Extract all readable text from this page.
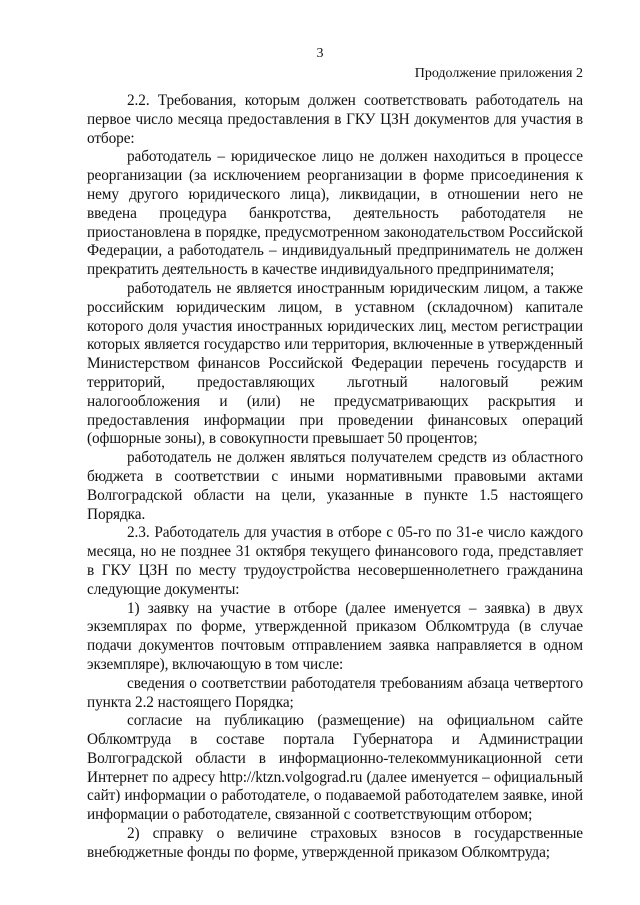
3
Продолжение приложения 2

2.2. Требования, которым должен соответствовать работодатель на первое число месяца предоставления в ГКУ ЦЗН документов для участия в отборе:

работодатель – юридическое лицо не должен находиться в процессе реорганизации (за исключением реорганизации в форме присоединения к нему другого юридического лица), ликвидации, в отношении него не введена процедура банкротства, деятельность работодателя не приостановлена в порядке, предусмотренном законодательством Российской Федерации, а работодатель – индивидуальный предприниматель не должен прекратить деятельность в качестве индивидуального предпринимателя;

работодатель не является иностранным юридическим лицом, а также российским юридическим лицом, в уставном (складочном) капитале которого доля участия иностранных юридических лиц, местом регистрации которых является государство или территория, включенные в утвержденный Министерством финансов Российской Федерации перечень государств и территорий, предоставляющих льготный налоговый режим налогообложения и (или) не предусматривающих раскрытия и предоставления информации при проведении финансовых операций (офшорные зоны), в совокупности превышает 50 процентов;

работодатель не должен являться получателем средств из областного бюджета в соответствии с иными нормативными правовыми актами Волгоградской области на цели, указанные в пункте 1.5 настоящего Порядка.

2.3. Работодатель для участия в отборе с 05-го по 31-е число каждого месяца, но не позднее 31 октября текущего финансового года, представляет в ГКУ ЦЗН по месту трудоустройства несовершеннолетнего гражданина следующие документы:

1) заявку на участие в отборе (далее именуется – заявка) в двух экземплярах по форме, утвержденной приказом Облкомтруда (в случае подачи документов почтовым отправлением заявка направляется в одном экземпляре), включающую в том числе:

сведения о соответствии работодателя требованиям абзаца четвертого пункта 2.2 настоящего Порядка;

согласие на публикацию (размещение) на официальном сайте Облкомтруда в составе портала Губернатора и Администрации Волгоградской области в информационно-телекоммуникационной сети Интернет по адресу http://ktzn.volgograd.ru (далее именуется – официальный сайт) информации о работодателе, о подаваемой работодателем заявке, иной информации о работодателе, связанной с соответствующим отбором;

2) справку о величине страховых взносов в государственные внебюджетные фонды по форме, утвержденной приказом Облкомтруда;
